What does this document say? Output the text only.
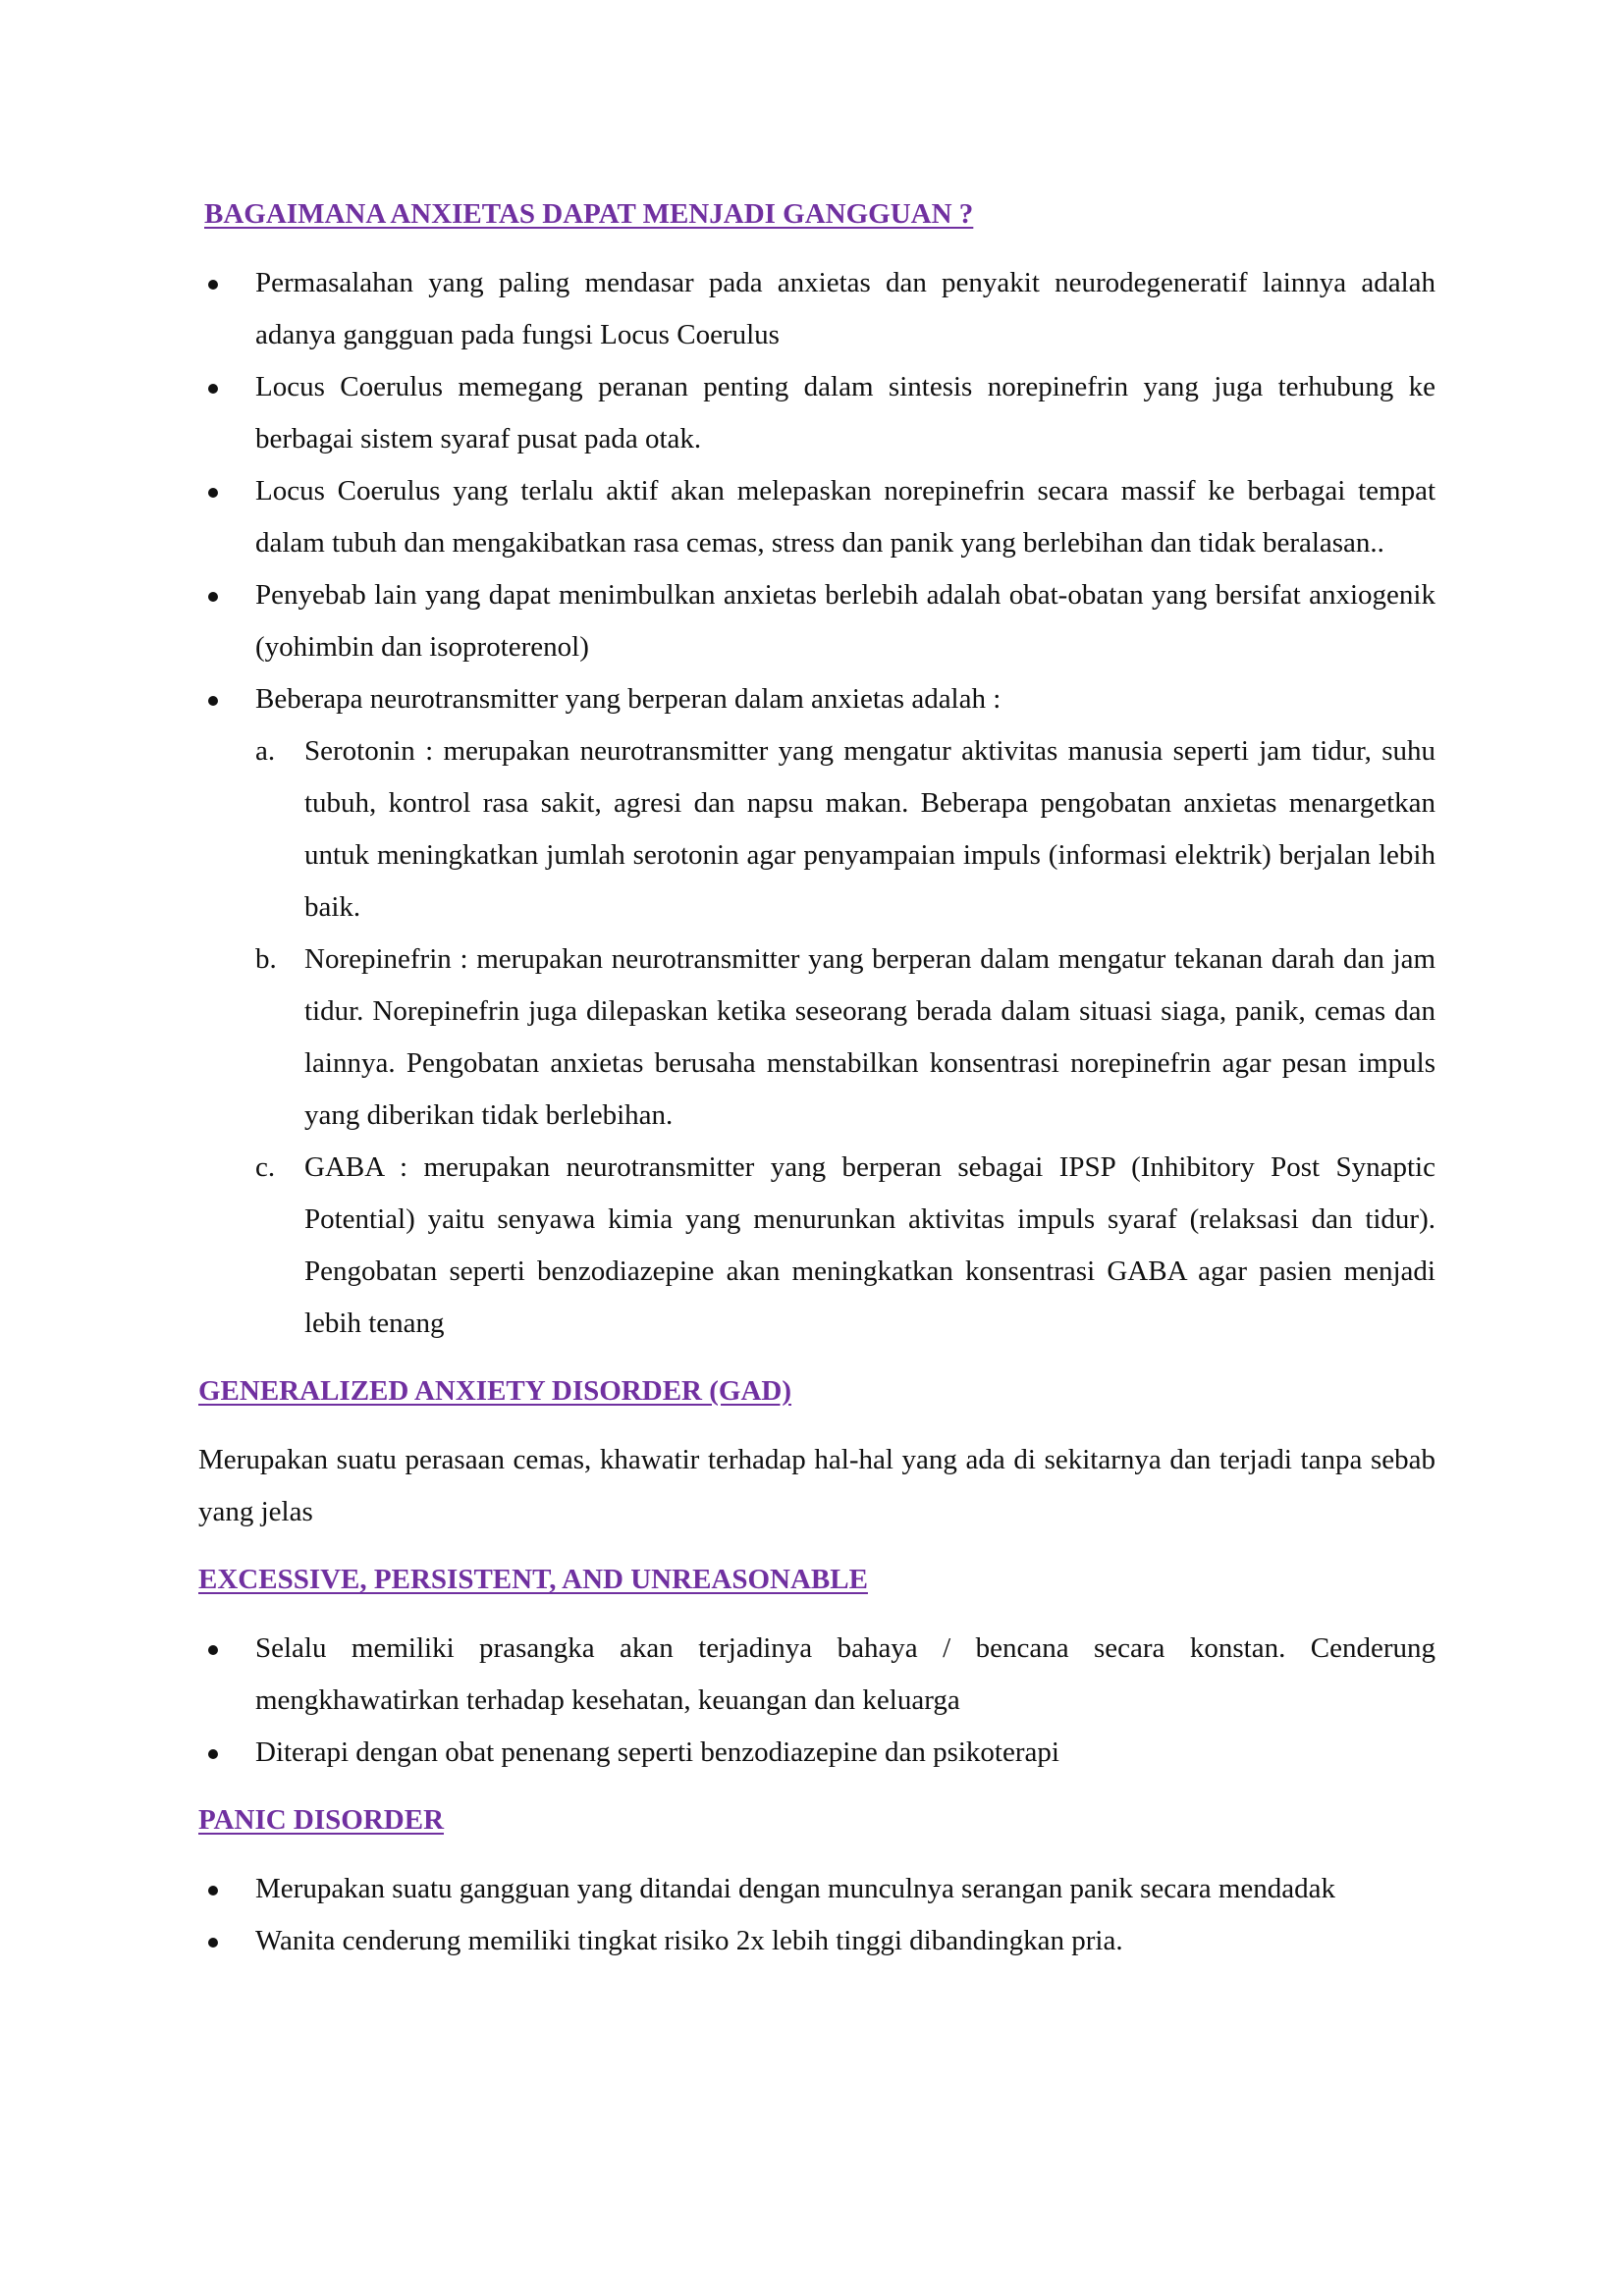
BAGAIMANA ANXIETAS DAPAT MENJADI GANGGUAN ?
Permasalahan yang paling mendasar pada anxietas dan penyakit neurodegeneratif lainnya adalah adanya gangguan pada fungsi Locus Coerulus
Locus Coerulus memegang peranan penting dalam sintesis norepinefrin yang juga terhubung ke berbagai sistem syaraf pusat pada otak.
Locus Coerulus yang terlalu aktif akan melepaskan norepinefrin secara massif ke berbagai tempat dalam tubuh dan mengakibatkan rasa cemas, stress dan panik yang berlebihan dan tidak beralasan..
Penyebab lain yang dapat menimbulkan anxietas berlebih adalah obat-obatan yang bersifat anxiogenik (yohimbin dan isoproterenol)
Beberapa neurotransmitter yang berperan dalam anxietas adalah :
a. Serotonin : merupakan neurotransmitter yang mengatur aktivitas manusia seperti jam tidur, suhu tubuh, kontrol rasa sakit, agresi dan napsu makan. Beberapa pengobatan anxietas menargetkan untuk meningkatkan jumlah serotonin agar penyampaian impuls (informasi elektrik) berjalan lebih baik.
b. Norepinefrin : merupakan neurotransmitter yang berperan dalam mengatur tekanan darah dan jam tidur. Norepinefrin juga dilepaskan ketika seseorang berada dalam situasi siaga, panik, cemas dan lainnya. Pengobatan anxietas berusaha menstabilkan konsentrasi norepinefrin agar pesan impuls yang diberikan tidak berlebihan.
c. GABA : merupakan neurotransmitter yang berperan sebagai IPSP (Inhibitory Post Synaptic Potential) yaitu senyawa kimia yang menurunkan aktivitas impuls syaraf (relaksasi dan tidur). Pengobatan seperti benzodiazepine akan meningkatkan konsentrasi GABA agar pasien menjadi lebih tenang
GENERALIZED ANXIETY DISORDER (GAD)

Merupakan suatu perasaan cemas, khawatir terhadap hal-hal yang ada di sekitarnya dan terjadi tanpa sebab yang jelas

EXCESSIVE, PERSISTENT, AND UNREASONABLE
Selalu memiliki prasangka akan terjadinya bahaya / bencana secara konstan. Cenderung mengkhawatirkan terhadap kesehatan, keuangan dan keluarga
Diterapi dengan obat penenang seperti benzodiazepine dan psikoterapi
PANIC DISORDER
Merupakan suatu gangguan yang ditandai dengan munculnya serangan panik secara mendadak
Wanita cenderung memiliki tingkat risiko 2x lebih tinggi dibandingkan pria.
